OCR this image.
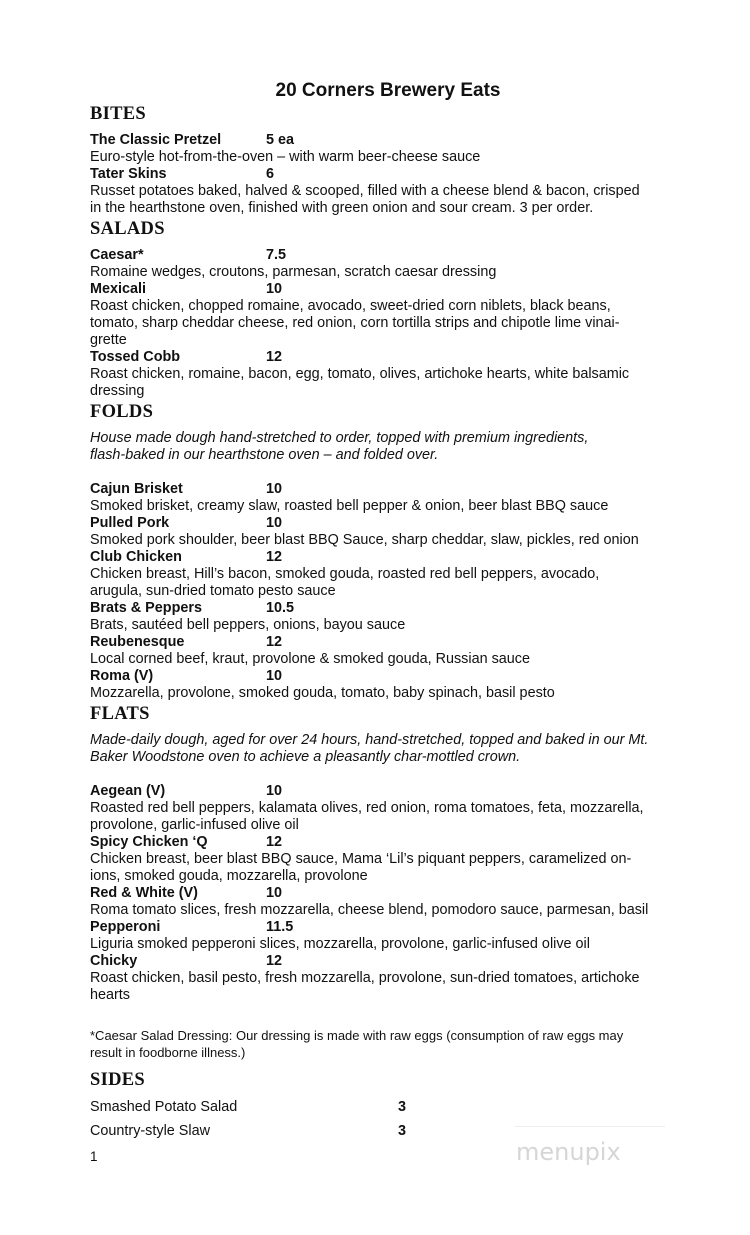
20 Corners Brewery Eats
BITES
The Classic Pretzel	5 ea
Euro-style hot-from-the-oven – with warm beer-cheese sauce
Tater Skins	6
Russet potatoes baked, halved & scooped, filled with a cheese blend & bacon, crisped
in the hearthstone oven, finished with green onion and sour cream. 3 per order.
SALADS
Caesar*	7.5
Romaine wedges, croutons, parmesan, scratch caesar dressing
Mexicali	10
Roast chicken, chopped romaine, avocado, sweet-dried corn niblets, black beans,
tomato, sharp cheddar cheese, red onion, corn tortilla strips and chipotle lime vinai-
grette
Tossed Cobb	12
Roast chicken, romaine, bacon, egg, tomato, olives, artichoke hearts, white balsamic
dressing
FOLDS
House made dough hand-stretched to order, topped with premium ingredients,
flash-baked in our hearthstone oven – and folded over.
Cajun Brisket	10
Smoked brisket, creamy slaw, roasted bell pepper & onion, beer blast BBQ sauce
Pulled Pork	10
Smoked pork shoulder, beer blast BBQ Sauce, sharp cheddar, slaw, pickles, red onion
Club Chicken	12
Chicken breast, Hill’s bacon, smoked gouda, roasted red bell peppers, avocado,
arugula, sun-dried tomato pesto sauce
Brats & Peppers	10.5
Brats, sautéed bell peppers, onions, bayou sauce
Reubenesque	12
Local corned beef, kraut, provolone & smoked gouda, Russian sauce
Roma (V)	10
Mozzarella, provolone, smoked gouda, tomato, baby spinach, basil pesto
FLATS
Made-daily dough, aged for over 24 hours, hand-stretched, topped and baked in our Mt.
Baker Woodstone oven to achieve a pleasantly char-mottled crown.
Aegean (V)	10
Roasted red bell peppers, kalamata olives, red onion, roma tomatoes, feta, mozzarella,
provolone, garlic-infused olive oil
Spicy Chicken ‘Q	12
Chicken breast, beer blast BBQ sauce, Mama ‘Lil’s piquant peppers, caramelized on-
ions, smoked gouda, mozzarella, provolone
Red & White (V)	10
Roma tomato slices, fresh mozzarella, cheese blend, pomodoro sauce, parmesan, basil
Pepperoni	11.5
Liguria smoked pepperoni slices, mozzarella, provolone, garlic-infused olive oil
Chicky	12
Roast chicken, basil pesto, fresh mozzarella, provolone, sun-dried tomatoes, artichoke
hearts
*Caesar Salad Dressing: Our dressing is made with raw eggs (consumption of raw eggs may
result in foodborne illness.)
SIDES
Smashed Potato Salad	3
Country-style Slaw	3
1	menupix
